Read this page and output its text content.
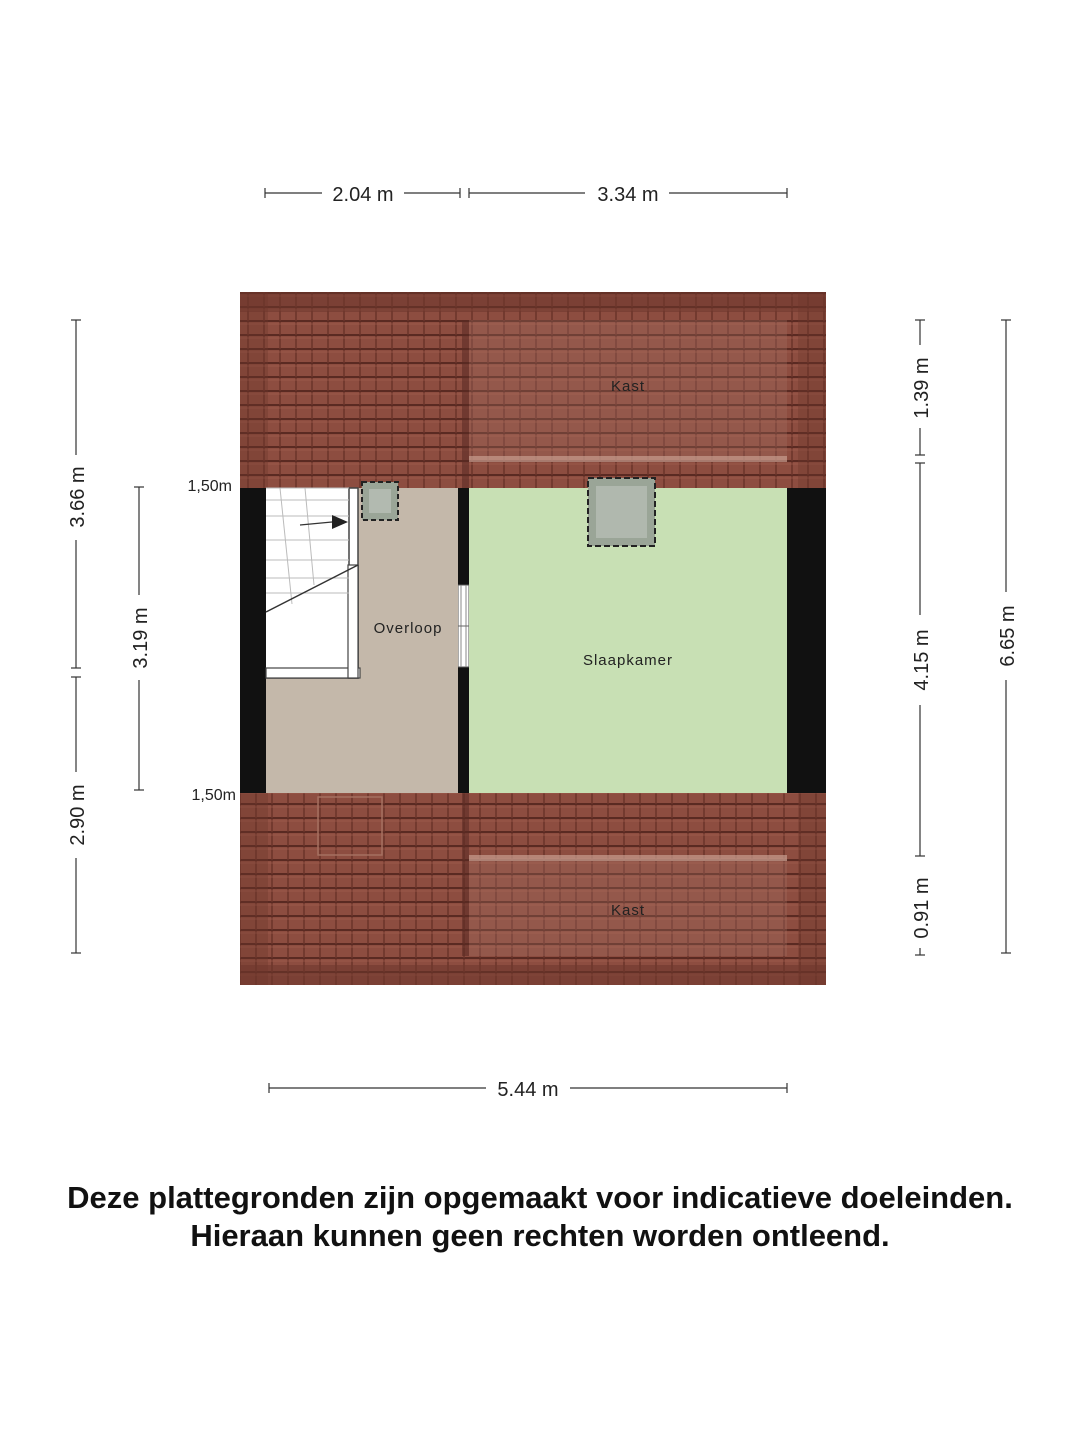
Kast
Kast
Overloop
Slaapkamer
1,50m
1,50m
2.04 m	3.34 m
5.44 m
3.66 m
2.90 m
3.19 m
1.39 m
4.15 m
0.91 m
6.65 m
Deze plattegronden zijn opgemaakt voor indicatieve doeleinden.
Hieraan kunnen geen rechten worden ontleend.
